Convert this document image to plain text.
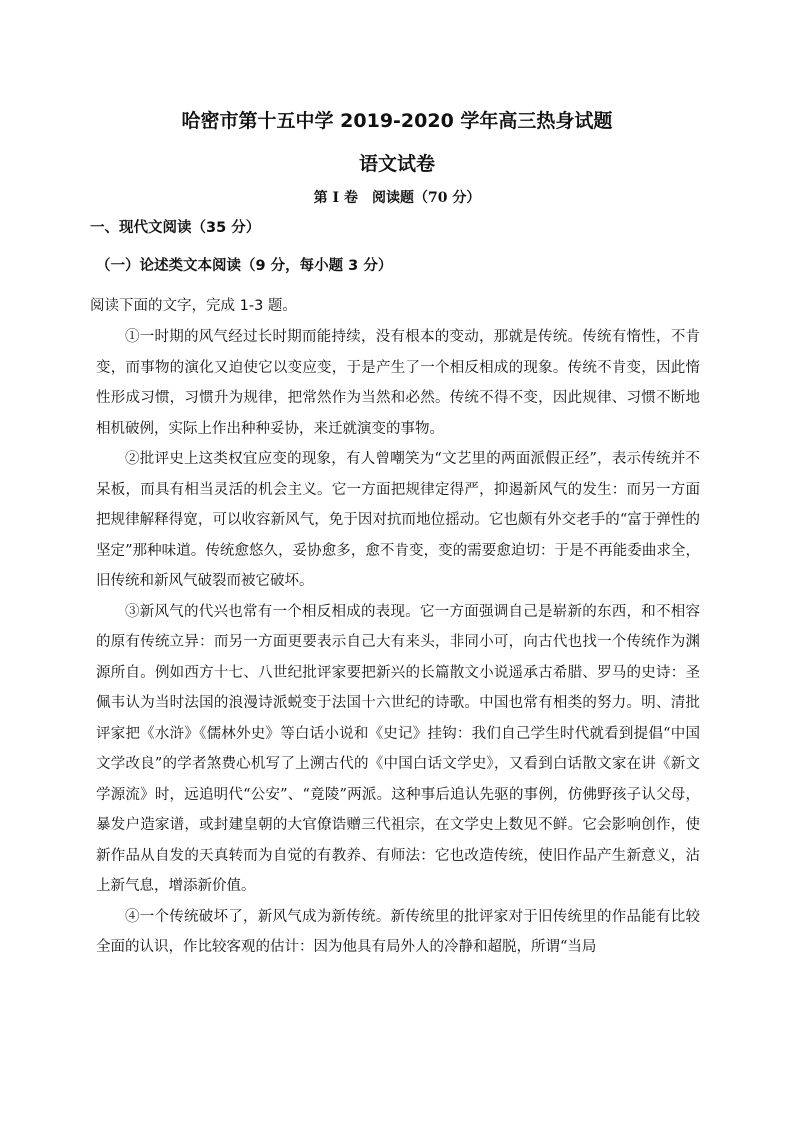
哈密市第十五中学 2019-2020 学年高三热身试题
语文试卷
第 Ⅰ 卷　阅读题（70 分）

一、现代文阅读（35 分）

（一）论述类文本阅读（9 分，每小题 3 分）

阅读下面的文字，完成 1-3 题。

①一时期的风气经过长时期而能持续，没有根本的变动，那就是传统。传统有惰性，不肯变，而事物的演化又迫使它以变应变，于是产生了一个相反相成的现象。传统不肯变，因此惰性形成习惯，习惯升为规律，把常然作为当然和必然。传统不得不变，因此规律、习惯不断地相机破例，实际上作出种种妥协，来迁就演变的事物。

②批评史上这类权宜应变的现象，有人曾嘲笑为“文艺里的两面派假正经”，表示传统并不呆板，而具有相当灵活的机会主义。它一方面把规律定得严，抑遏新风气的发生：而另一方面把规律解释得宽，可以收容新风气，免于因对抗而地位摇动。它也颇有外交老手的“富于弹性的坚定”那种味道。传统愈悠久，妥协愈多，愈不肯变，变的需要愈迫切：于是不再能委曲求全，旧传统和新风气破裂而被它破坏。

③新风气的代兴也常有一个相反相成的表现。它一方面强调自己是崭新的东西，和不相容的原有传统立异：而另一方面更要表示自己大有来头，非同小可，向古代也找一个传统作为渊源所自。例如西方十七、八世纪批评家要把新兴的长篇散文小说遥承古希腊、罗马的史诗：圣佩韦认为当时法国的浪漫诗派蜕变于法国十六世纪的诗歌。中国也常有相类的努力。明、清批评家把《水浒》《儒林外史》等白话小说和《史记》挂钩：我们自己学生时代就看到提倡“中国文学改良”的学者煞费心机写了上溯古代的《中国白话文学史》，又看到白话散文家在讲《新文学源流》时，远追明代“公安”、“竟陵”两派。这种事后追认先驱的事例，仿佛野孩子认父母，暴发户造家谱，或封建皇朝的大官僚诰赠三代祖宗，在文学史上数见不鲜。它会影响创作，使新作品从自发的天真转而为自觉的有教养、有师法：它也改造传统，使旧作品产生新意义，沾上新气息，增添新价值。

④一个传统破坏了，新风气成为新传统。新传统里的批评家对于旧传统里的作品能有比较全面的认识，作比较客观的估计：因为他具有局外人的冷静和超脱，所谓“当局
